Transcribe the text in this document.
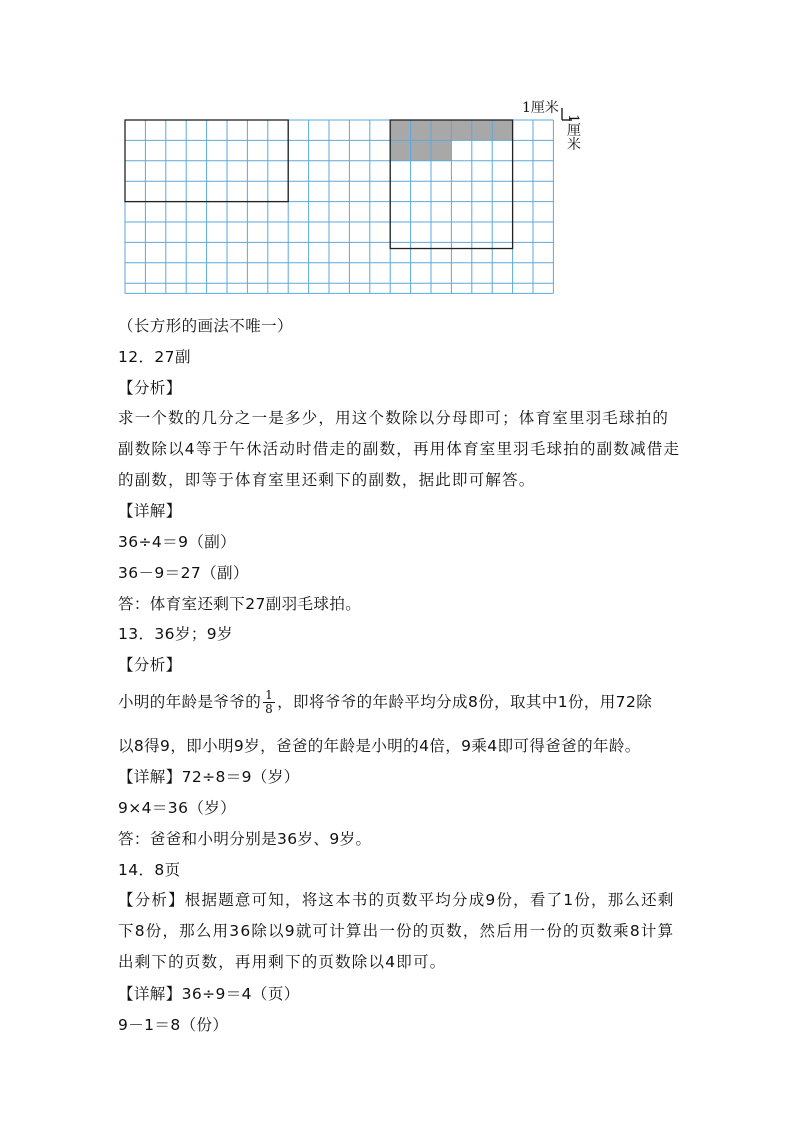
1厘米
1厘米
（长方形的画法不唯一）
12．27副
【分析】
求一个数的几分之一是多少，用这个数除以分母即可；体育室里羽毛球拍的副数除以4等于午休活动时借走的副数，再用体育室里羽毛球拍的副数减借走的副数，即等于体育室里还剩下的副数，据此即可解答。
【详解】
36÷4＝9（副）
36－9＝27（副）
答：体育室还剩下27副羽毛球拍。
13．36岁；9岁
【分析】
小明的年龄是爷爷的 $\frac{1}{8}$ ，即将爷爷的年龄平均分成8份，取其中1份，用72除
以8得9，即小明9岁，爸爸的年龄是小明的4倍，9乘4即可得爸爸的年龄。
【详解】72÷8＝9（岁）
9×4＝36（岁）
答：爸爸和小明分别是36岁、9岁。
14．8页
【分析】根据题意可知，将这本书的页数平均分成9份，看了1份，那么还剩下8份，那么用36除以9就可计算出一份的页数，然后用一份的页数乘8计算出剩下的页数，再用剩下的页数除以4即可。
【详解】36÷9＝4（页）
9－1＝8（份）
